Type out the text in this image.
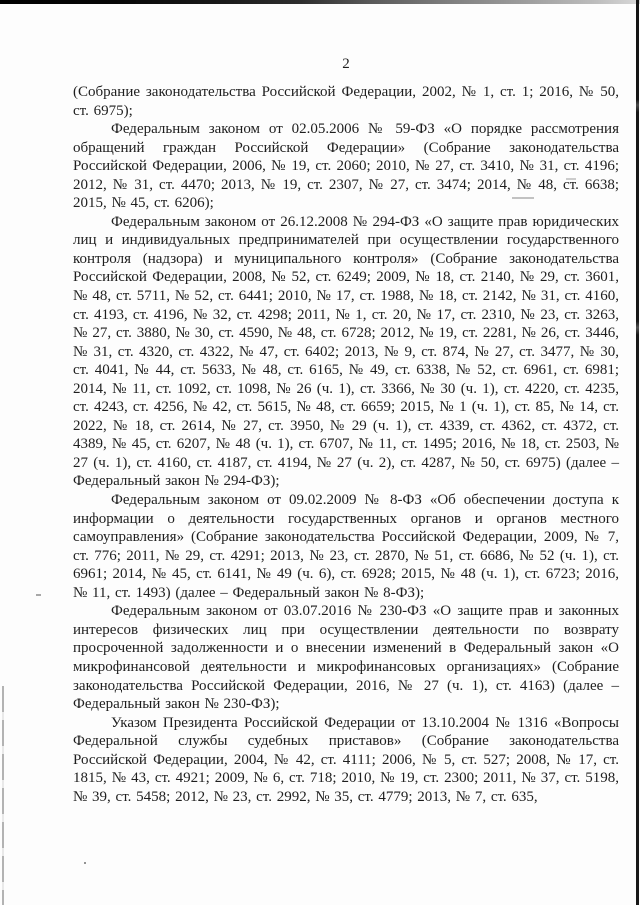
2

(Собрание законодательства Российской Федерации, 2002, № 1, ст. 1; 2016, № 50, ст. 6975);

Федеральным законом от 02.05.2006 № 59-ФЗ «О порядке рассмотрения обращений граждан Российской Федерации» (Собрание законодательства Российской Федерации, 2006, № 19, ст. 2060; 2010, № 27, ст. 3410, № 31, ст. 4196; 2012, № 31, ст. 4470; 2013, № 19, ст. 2307, № 27, ст. 3474; 2014, № 48, ст. 6638; 2015, № 45, ст. 6206);

Федеральным законом от 26.12.2008 № 294-ФЗ «О защите прав юридических лиц и индивидуальных предпринимателей при осуществлении государственного контроля (надзора) и муниципального контроля» (Собрание законодательства Российской Федерации, 2008, № 52, ст. 6249; 2009, № 18, ст. 2140, № 29, ст. 3601, № 48, ст. 5711, № 52, ст. 6441; 2010, № 17, ст. 1988, № 18, ст. 2142, № 31, ст. 4160, ст. 4193, ст. 4196, № 32, ст. 4298; 2011, № 1, ст. 20, № 17, ст. 2310, № 23, ст. 3263, № 27, ст. 3880, № 30, ст. 4590, № 48, ст. 6728; 2012, № 19, ст. 2281, № 26, ст. 3446, № 31, ст. 4320, ст. 4322, № 47, ст. 6402; 2013, № 9, ст. 874, № 27, ст. 3477, № 30, ст. 4041, № 44, ст. 5633, № 48, ст. 6165, № 49, ст. 6338, № 52, ст. 6961, ст. 6981; 2014, № 11, ст. 1092, ст. 1098, № 26 (ч. 1), ст. 3366, № 30 (ч. 1), ст. 4220, ст. 4235, ст. 4243, ст. 4256, № 42, ст. 5615, № 48, ст. 6659; 2015, № 1 (ч. 1), ст. 85, № 14, ст. 2022, № 18, ст. 2614, № 27, ст. 3950, № 29 (ч. 1), ст. 4339, ст. 4362, ст. 4372, ст. 4389, № 45, ст. 6207, № 48 (ч. 1), ст. 6707, № 11, ст. 1495; 2016, № 18, ст. 2503, № 27 (ч. 1), ст. 4160, ст. 4187, ст. 4194, № 27 (ч. 2), ст. 4287, № 50, ст. 6975) (далее – Федеральный закон № 294-ФЗ);

Федеральным законом от 09.02.2009 № 8-ФЗ «Об обеспечении доступа к информации о деятельности государственных органов и органов местного самоуправления» (Собрание законодательства Российской Федерации, 2009, № 7, ст. 776; 2011, № 29, ст. 4291; 2013, № 23, ст. 2870, № 51, ст. 6686, № 52 (ч. 1), ст. 6961; 2014, № 45, ст. 6141, № 49 (ч. 6), ст. 6928; 2015, № 48 (ч. 1), ст. 6723; 2016, № 11, ст. 1493) (далее – Федеральный закон № 8-ФЗ);

Федеральным законом от 03.07.2016 № 230-ФЗ «О защите прав и законных интересов физических лиц при осуществлении деятельности по возврату просроченной задолженности и о внесении изменений в Федеральный закон «О микрофинансовой деятельности и микрофинансовых организациях» (Собрание законодательства Российской Федерации, 2016, № 27 (ч. 1), ст. 4163) (далее – Федеральный закон № 230-ФЗ);

Указом Президента Российской Федерации от 13.10.2004 № 1316 «Вопросы Федеральной службы судебных приставов» (Собрание законодательства Российской Федерации, 2004, № 42, ст. 4111; 2006, № 5, ст. 527; 2008, № 17, ст. 1815, № 43, ст. 4921; 2009, № 6, ст. 718; 2010, № 19, ст. 2300; 2011, № 37, ст. 5198, № 39, ст. 5458; 2012, № 23, ст. 2992, № 35, ст. 4779; 2013, № 7, ст. 635,
